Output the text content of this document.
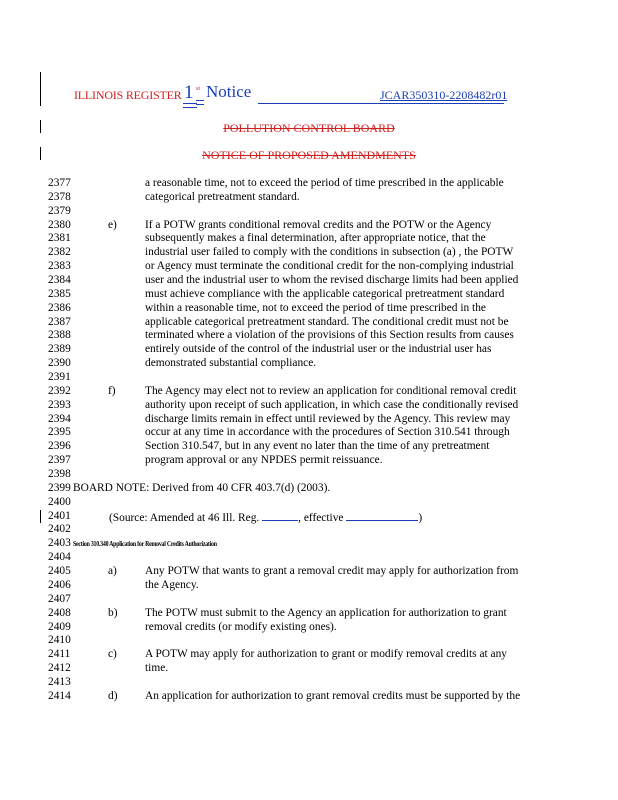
ILLINOIS REGISTER 1 st Notice	JCAR350310-2208482r01
POLLUTION CONTROL BOARD
NOTICE OF PROPOSED AMENDMENTS
2377	a reasonable time, not to exceed the period of time prescribed in the applicable
2378	categorical pretreatment standard.
2379
2380	e) If a POTW grants conditional removal credits and the POTW or the Agency
2381	subsequently makes a final determination, after appropriate notice, that the
2382	industrial user failed to comply with the conditions in subsection (a) , the POTW
2383	or Agency must terminate the conditional credit for the non-complying industrial
2384	user and the industrial user to whom the revised discharge limits had been applied
2385	must achieve compliance with the applicable categorical pretreatment standard
2386	within a reasonable time, not to exceed the period of time prescribed in the
2387	applicable categorical pretreatment standard. The conditional credit must not be
2388	terminated where a violation of the provisions of this Section results from causes
2389	entirely outside of the control of the industrial user or the industrial user has
2390	demonstrated substantial compliance.
2391
2392	f)	The Agency may elect not to review an application for conditional removal credit
2393	authority upon receipt of such application, in which case the conditionally revised
2394	discharge limits remain in effect until reviewed by the Agency. This review may
2395	occur at any time in accordance with the procedures of Section 310.541 through
2396	Section 310.547, but in any event no later than the time of any pretreatment
2397	program approval or any NPDES permit reissuance.
2398
2399 BOARD NOTE: Derived from 40 CFR 403.7(d) (2003).
2400
2401	(Source: Amended at 46 Ill. Reg.	, effective	)
2402
2403 Section 310.340 Application for Removal Credits Authorization
2404
2405	a) Any POTW that wants to grant a removal credit may apply for authorization from
2406	the Agency.
2407
2408	b) The POTW must submit to the Agency an application for authorization to grant
2409	removal credits (or modify existing ones).
2410
2411	c) A POTW may apply for authorization to grant or modify removal credits at any
2412	time.
2413
2414	d) An application for authorization to grant removal credits must be supported by the
